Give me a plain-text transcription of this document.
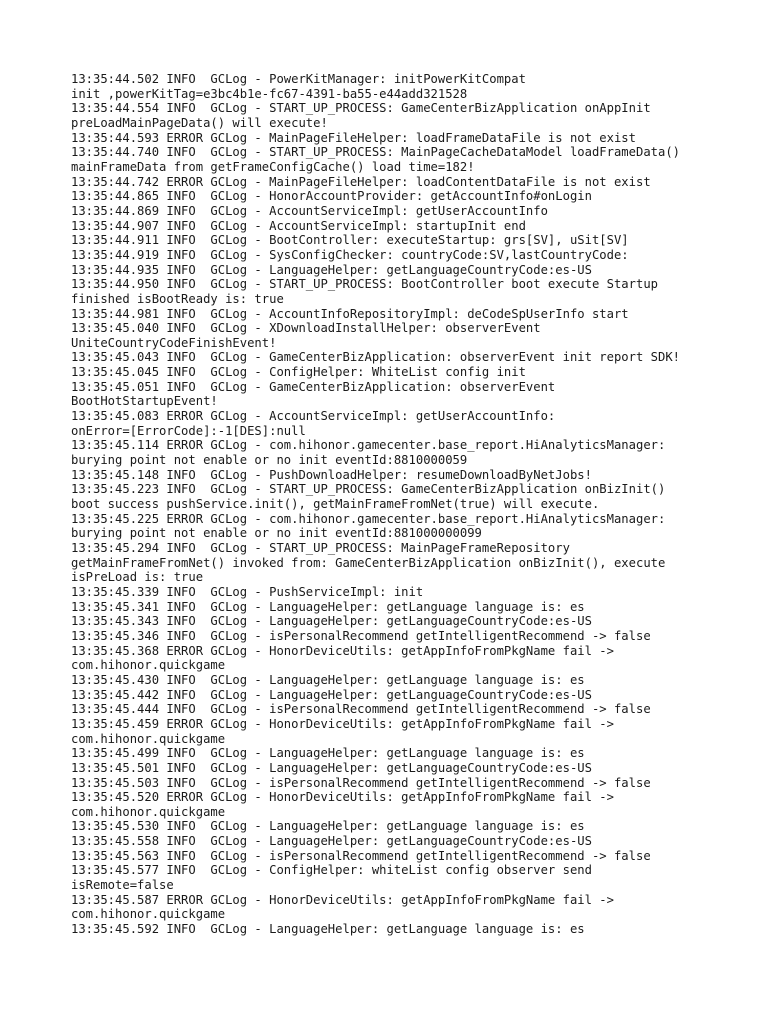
13:35:44.502 INFO  GCLog - PowerKitManager: initPowerKitCompat
init ,powerKitTag=e3bc4b1e-fc67-4391-ba55-e44add321528
13:35:44.554 INFO  GCLog - START_UP_PROCESS: GameCenterBizApplication onAppInit
preLoadMainPageData() will execute!
13:35:44.593 ERROR GCLog - MainPageFileHelper: loadFrameDataFile is not exist
13:35:44.740 INFO  GCLog - START_UP_PROCESS: MainPageCacheDataModel loadFrameData()
mainFrameData from getFrameConfigCache() load time=182!
13:35:44.742 ERROR GCLog - MainPageFileHelper: loadContentDataFile is not exist
13:35:44.865 INFO  GCLog - HonorAccountProvider: getAccountInfo#onLogin
13:35:44.869 INFO  GCLog - AccountServiceImpl: getUserAccountInfo
13:35:44.907 INFO  GCLog - AccountServiceImpl: startupInit end
13:35:44.911 INFO  GCLog - BootController: executeStartup: grs[SV], uSit[SV]
13:35:44.919 INFO  GCLog - SysConfigChecker: countryCode:SV,lastCountryCode:
13:35:44.935 INFO  GCLog - LanguageHelper: getLanguageCountryCode:es-US
13:35:44.950 INFO  GCLog - START_UP_PROCESS: BootController boot execute Startup
finished isBootReady is: true
13:35:44.981 INFO  GCLog - AccountInfoRepositoryImpl: deCodeSpUserInfo start
13:35:45.040 INFO  GCLog - XDownloadInstallHelper: observerEvent
UniteCountryCodeFinishEvent!
13:35:45.043 INFO  GCLog - GameCenterBizApplication: observerEvent init report SDK!
13:35:45.045 INFO  GCLog - ConfigHelper: WhiteList config init
13:35:45.051 INFO  GCLog - GameCenterBizApplication: observerEvent
BootHotStartupEvent!
13:35:45.083 ERROR GCLog - AccountServiceImpl: getUserAccountInfo:
onError=[ErrorCode]:-1[DES]:null
13:35:45.114 ERROR GCLog - com.hihonor.gamecenter.base_report.HiAnalyticsManager:
burying point not enable or no init eventId:8810000059
13:35:45.148 INFO  GCLog - PushDownloadHelper: resumeDownloadByNetJobs!
13:35:45.223 INFO  GCLog - START_UP_PROCESS: GameCenterBizApplication onBizInit()
boot success pushService.init(), getMainFrameFromNet(true) will execute.
13:35:45.225 ERROR GCLog - com.hihonor.gamecenter.base_report.HiAnalyticsManager:
burying point not enable or no init eventId:881000000099
13:35:45.294 INFO  GCLog - START_UP_PROCESS: MainPageFrameRepository
getMainFrameFromNet() invoked from: GameCenterBizApplication onBizInit(), execute
isPreLoad is: true
13:35:45.339 INFO  GCLog - PushServiceImpl: init
13:35:45.341 INFO  GCLog - LanguageHelper: getLanguage language is: es
13:35:45.343 INFO  GCLog - LanguageHelper: getLanguageCountryCode:es-US
13:35:45.346 INFO  GCLog - isPersonalRecommend getIntelligentRecommend -> false
13:35:45.368 ERROR GCLog - HonorDeviceUtils: getAppInfoFromPkgName fail ->
com.hihonor.quickgame
13:35:45.430 INFO  GCLog - LanguageHelper: getLanguage language is: es
13:35:45.442 INFO  GCLog - LanguageHelper: getLanguageCountryCode:es-US
13:35:45.444 INFO  GCLog - isPersonalRecommend getIntelligentRecommend -> false
13:35:45.459 ERROR GCLog - HonorDeviceUtils: getAppInfoFromPkgName fail ->
com.hihonor.quickgame
13:35:45.499 INFO  GCLog - LanguageHelper: getLanguage language is: es
13:35:45.501 INFO  GCLog - LanguageHelper: getLanguageCountryCode:es-US
13:35:45.503 INFO  GCLog - isPersonalRecommend getIntelligentRecommend -> false
13:35:45.520 ERROR GCLog - HonorDeviceUtils: getAppInfoFromPkgName fail ->
com.hihonor.quickgame
13:35:45.530 INFO  GCLog - LanguageHelper: getLanguage language is: es
13:35:45.558 INFO  GCLog - LanguageHelper: getLanguageCountryCode:es-US
13:35:45.563 INFO  GCLog - isPersonalRecommend getIntelligentRecommend -> false
13:35:45.577 INFO  GCLog - ConfigHelper: whiteList config observer send
isRemote=false
13:35:45.587 ERROR GCLog - HonorDeviceUtils: getAppInfoFromPkgName fail ->
com.hihonor.quickgame
13:35:45.592 INFO  GCLog - LanguageHelper: getLanguage language is: es
